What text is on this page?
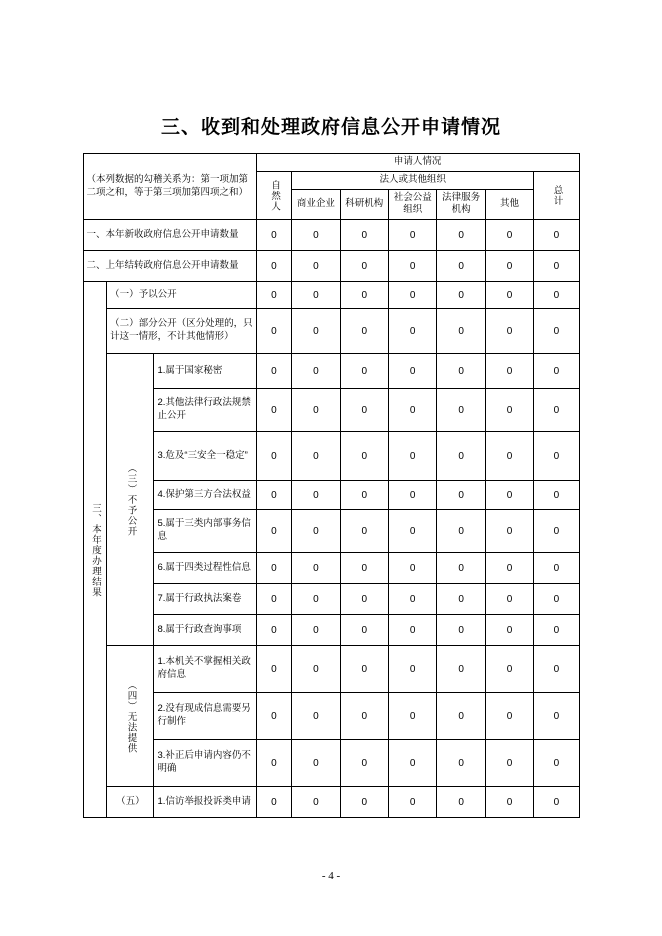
三、收到和处理政府信息公开申请情况
（本列数据的勾稽关系为：第一项加第二项之和，等于第三项加第四项之和）			申请人情况						

			自然人	法人或其他组织					总计

				商业企业	科研机构	社会公益组织	法律服务机构	其他	
一、本年新收政府信息公开申请数量			0	0	0	0	0	0	0
二、上年结转政府信息公开申请数量			0	0	0	0	0	0	0

三、本年度办理结果	（一）予以公开		0	0	0	0	0	0	0
	（二）部分公开（区分处理的，只计这一情形，不计其他情形）		0	0	0	0	0	0	0

	（三）不予公开	1.属于国家秘密	0	0	0	0	0	0	0
		2.其他法律行政法规禁止公开	0	0	0	0	0	0	0
		3.危及“三安全一稳定”	0	0	0	0	0	0	0
		4.保护第三方合法权益	0	0	0	0	0	0	0
		5.属于三类内部事务信息	0	0	0	0	0	0	0
		6.属于四类过程性信息	0	0	0	0	0	0	0
		7.属于行政执法案卷	0	0	0	0	0	0	0
		8.属于行政查询事项	0	0	0	0	0	0	0

	（四）无法提供	1.本机关不掌握相关政府信息	0	0	0	0	0	0	0
		2.没有现成信息需要另行制作	0	0	0	0	0	0	0
		3.补正后申请内容仍不明确	0	0	0	0	0	0	0
	（五）	1.信访举报投诉类申请	0	0	0	0	0	0	0
- 4 -
